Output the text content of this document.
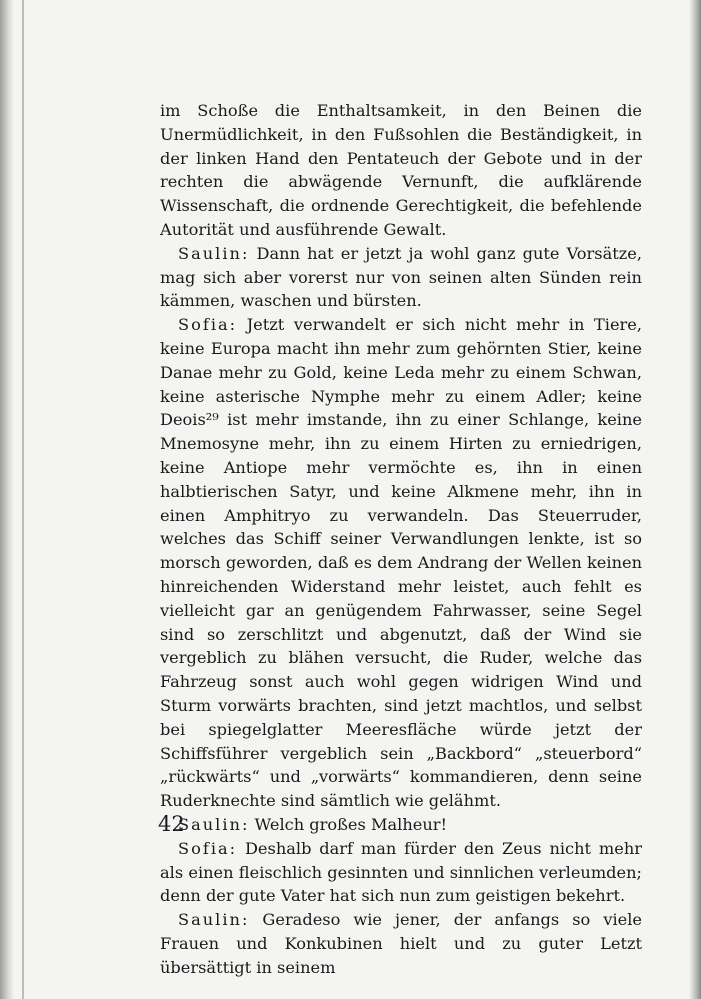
im Schoße die Enthaltsamkeit, in den Beinen die Unermüdlichkeit, in den Fußsohlen die Beständigkeit, in der linken Hand den Pentateuch der Gebote und in der rechten die abwägende Vernunft, die aufklärende Wissenschaft, die ordnende Gerechtigkeit, die befehlende Autorität und ausführende Gewalt.

Saulin: Dann hat er jetzt ja wohl ganz gute Vorsätze, mag sich aber vorerst nur von seinen alten Sünden rein kämmen, waschen und bürsten.

Sofia: Jetzt verwandelt er sich nicht mehr in Tiere, keine Europa macht ihn mehr zum gehörnten Stier, keine Danae mehr zu Gold, keine Leda mehr zu einem Schwan, keine asterische Nymphe mehr zu einem Adler; keine Deois²⁹ ist mehr imstande, ihn zu einer Schlange, keine Mnemosyne mehr, ihn zu einem Hirten zu erniedrigen, keine Antiope mehr vermöchte es, ihn in einen halbtierischen Satyr, und keine Alkmene mehr, ihn in einen Amphitryo zu verwandeln. Das Steuerruder, welches das Schiff seiner Verwandlungen lenkte, ist so morsch geworden, daß es dem Andrang der Wellen keinen hinreichenden Widerstand mehr leistet, auch fehlt es vielleicht gar an genügendem Fahrwasser, seine Segel sind so zerschlitzt und abgenutzt, daß der Wind sie vergeblich zu blähen versucht, die Ruder, welche das Fahrzeug sonst auch wohl gegen widrigen Wind und Sturm vorwärts brachten, sind jetzt machtlos, und selbst bei spiegelglatter Meeresfläche würde jetzt der Schiffsführer vergeblich sein „Backbord“ „steuerbord“ „rückwärts“ und „vorwärts“ kommandieren, denn seine Ruderknechte sind sämtlich wie gelähmt.

Saulin: Welch großes Malheur!

Sofia: Deshalb darf man fürder den Zeus nicht mehr als einen fleischlich gesinnten und sinnlichen verleumden; denn der gute Vater hat sich nun zum geistigen bekehrt.

Saulin: Geradeso wie jener, der anfangs so viele Frauen und Konkubinen hielt und zu guter Letzt übersättigt in seinem

42
